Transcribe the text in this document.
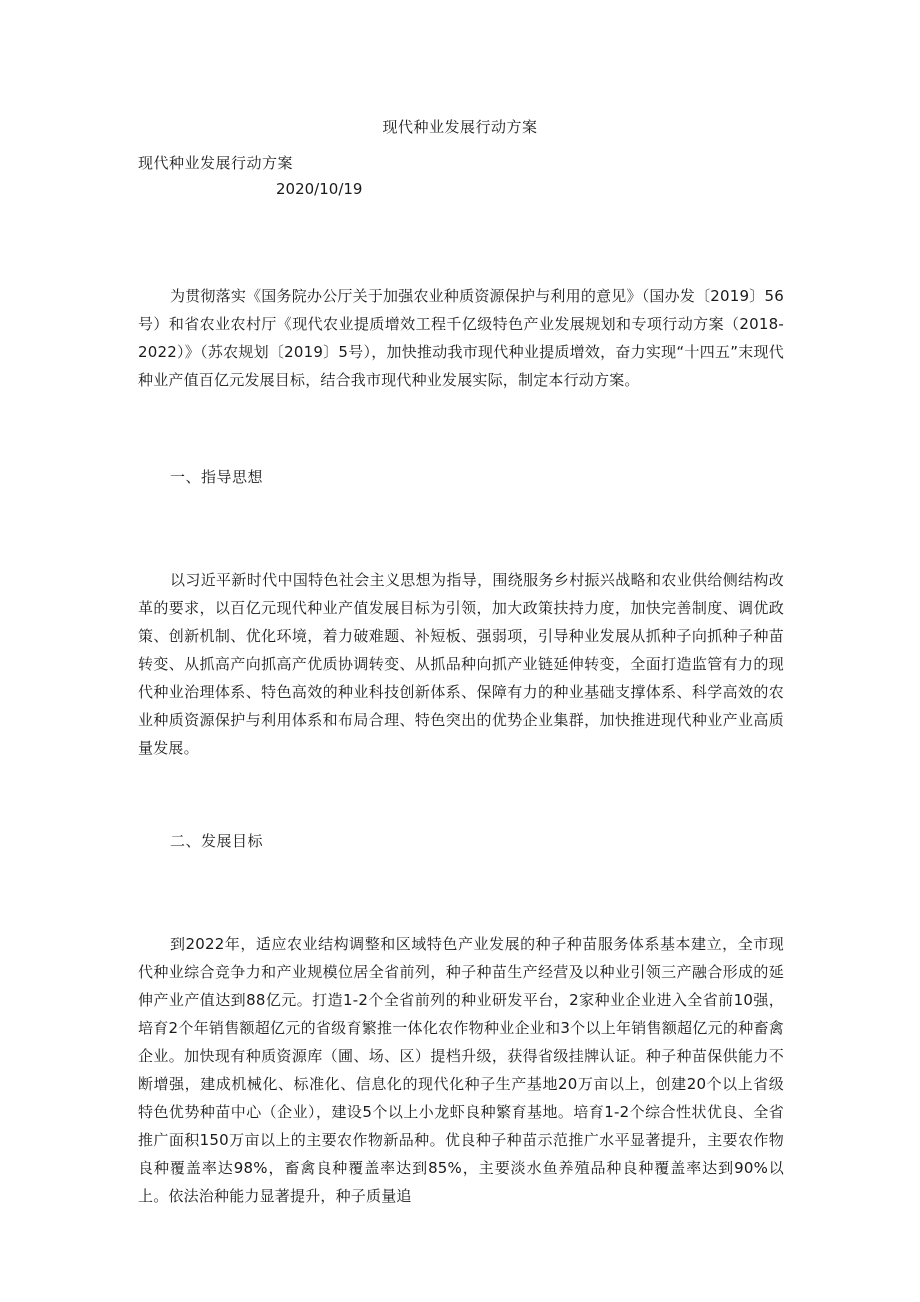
现代种业发展行动方案
现代种业发展行动方案
2020/10/19

为贯彻落实《国务院办公厅关于加强农业种质资源保护与利用的意见》（国办发〔2019〕56号）和省农业农村厅《现代农业提质增效工程千亿级特色产业发展规划和专项行动方案（2018-2022）》（苏农规划〔2019〕5号），加快推动我市现代种业提质增效，奋力实现“十四五”末现代种业产值百亿元发展目标，结合我市现代种业发展实际，制定本行动方案。

一、指导思想

以习近平新时代中国特色社会主义思想为指导，围绕服务乡村振兴战略和农业供给侧结构改革的要求，以百亿元现代种业产值发展目标为引领，加大政策扶持力度，加快完善制度、调优政策、创新机制、优化环境，着力破难题、补短板、强弱项，引导种业发展从抓种子向抓种子种苗转变、从抓高产向抓高产优质协调转变、从抓品种向抓产业链延伸转变，全面打造监管有力的现代种业治理体系、特色高效的种业科技创新体系、保障有力的种业基础支撑体系、科学高效的农业种质资源保护与利用体系和布局合理、特色突出的优势企业集群，加快推进现代种业产业高质量发展。

二、发展目标

到2022年，适应农业结构调整和区域特色产业发展的种子种苗服务体系基本建立，全市现代种业综合竞争力和产业规模位居全省前列，种子种苗生产经营及以种业引领三产融合形成的延伸产业产值达到88亿元。打造1-2个全省前列的种业研发平台，2家种业企业进入全省前10强，培育2个年销售额超亿元的省级育繁推一体化农作物种业企业和3个以上年销售额超亿元的种畜禽企业。加快现有种质资源库（圃、场、区）提档升级，获得省级挂牌认证。种子种苗保供能力不断增强，建成机械化、标准化、信息化的现代化种子生产基地20万亩以上，创建20个以上省级特色优势种苗中心（企业），建设5个以上小龙虾良种繁育基地。培育1-2个综合性状优良、全省推广面积150万亩以上的主要农作物新品种。优良种子种苗示范推广水平显著提升，主要农作物良种覆盖率达98%，畜禽良种覆盖率达到85%，主要淡水鱼养殖品种良种覆盖率达到90%以上。依法治种能力显著提升，种子质量追
